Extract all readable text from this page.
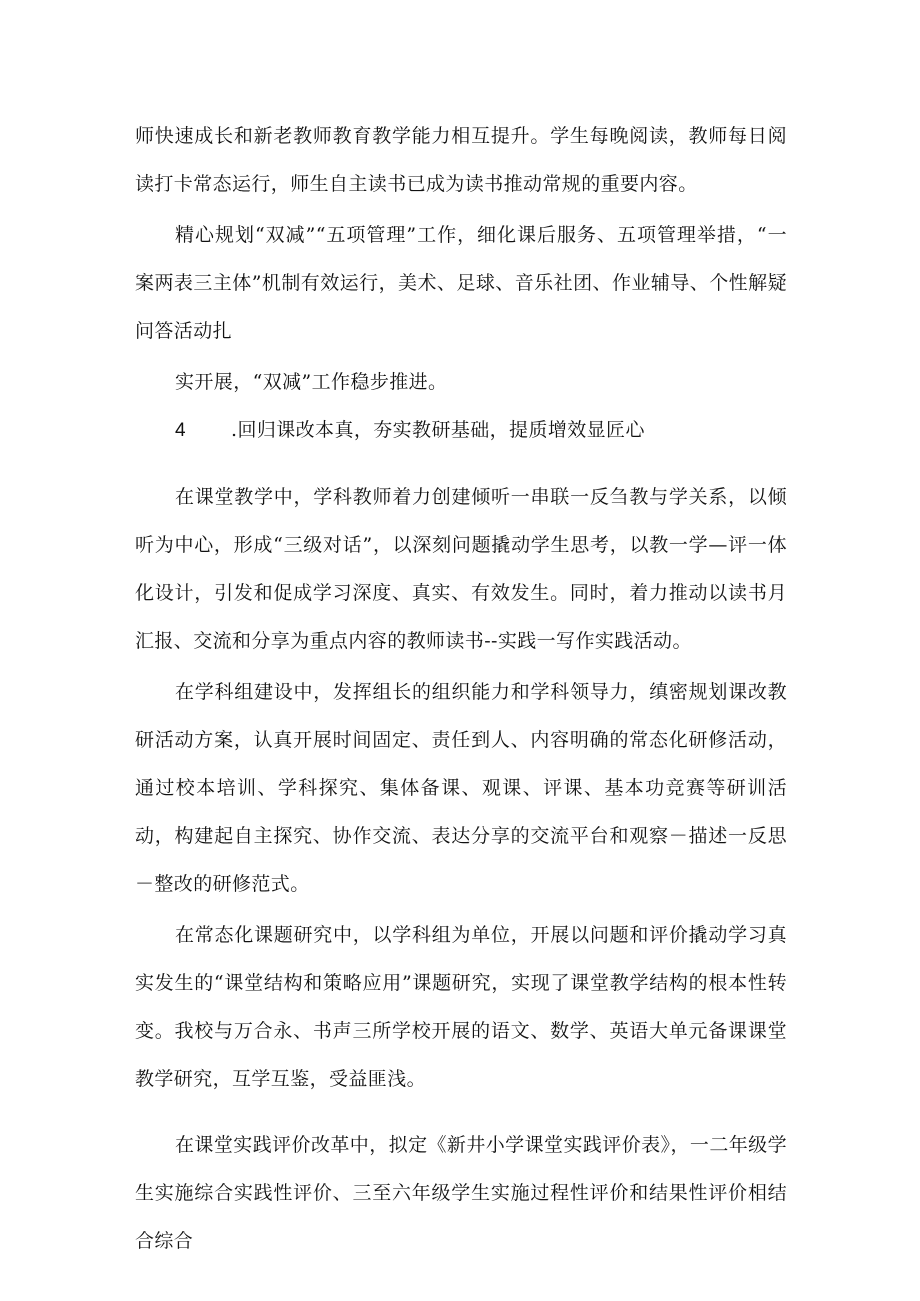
师快速成长和新老教师教育教学能力相互提升。学生每晚阅读，教师每日阅读打卡常态运行，师生自主读书已成为读书推动常规的重要内容。

精心规划“双减”“五项管理”工作，细化课后服务、五项管理举措，“一案两表三主体”机制有效运行，美术、足球、音乐社团、作业辅导、个性解疑问答活动扎

实开展，“双减”工作稳步推进。

4 .回归课改本真，夯实教研基础，提质增效显匠心

在课堂教学中，学科教师着力创建倾听一串联一反刍教与学关系，以倾听为中心，形成“三级对话”，以深刻问题撬动学生思考，以教一学—评一体化设计，引发和促成学习深度、真实、有效发生。同时，着力推动以读书月汇报、交流和分享为重点内容的教师读书--实践一写作实践活动。

在学科组建设中，发挥组长的组织能力和学科领导力，缜密规划课改教研活动方案，认真开展时间固定、责任到人、内容明确的常态化研修活动，通过校本培训、学科探究、集体备课、观课、评课、基本功竞赛等研训活动，构建起自主探究、协作交流、表达分享的交流平台和观察－描述一反思－整改的研修范式。

在常态化课题研究中，以学科组为单位，开展以问题和评价撬动学习真实发生的“课堂结构和策略应用”课题研究，实现了课堂教学结构的根本性转变。我校与万合永、书声三所学校开展的语文、数学、英语大单元备课课堂教学研究，互学互鉴，受益匪浅。

在课堂实践评价改革中，拟定《新井小学课堂实践评价表》，一二年级学生实施综合实践性评价、三至六年级学生实施过程性评价和结果性评价相结合综合
